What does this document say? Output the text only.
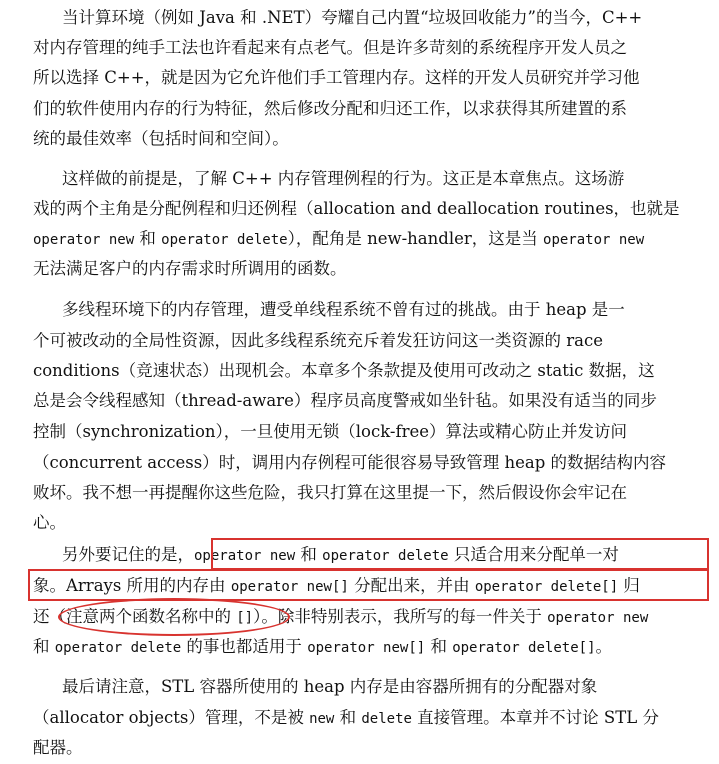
当计算环境（例如 Java 和 .NET）夸耀自己内置“垃圾回收能力”的当今，C++
对内存管理的纯手工法也许看起来有点老气。但是许多苛刻的系统程序开发人员之
所以选择 C++，就是因为它允许他们手工管理内存。这样的开发人员研究并学习他
们的软件使用内存的行为特征，然后修改分配和归还工作，以求获得其所建置的系
统的最佳效率（包括时间和空间）。
这样做的前提是，了解 C++ 内存管理例程的行为。这正是本章焦点。这场游
戏的两个主角是分配例程和归还例程（allocation and deallocation routines，也就是
operator new 和 operator delete），配角是 new-handler，这是当 operator new
无法满足客户的内存需求时所调用的函数。
多线程环境下的内存管理，遭受单线程系统不曾有过的挑战。由于 heap 是一
个可被改动的全局性资源，因此多线程系统充斥着发狂访问这一类资源的 race
conditions（竞速状态）出现机会。本章多个条款提及使用可改动之 static 数据，这
总是会令线程感知（thread-aware）程序员高度警戒如坐针毡。如果没有适当的同步
控制（synchronization），一旦使用无锁（lock-free）算法或精心防止并发访问
（concurrent access）时，调用内存例程可能很容易导致管理 heap 的数据结构内容
败坏。我不想一再提醒你这些危险，我只打算在这里提一下，然后假设你会牢记在
心。
另外要记住的是，operator new 和 operator delete 只适合用来分配单一对
象。Arrays 所用的内存由 operator new[] 分配出来，并由 operator delete[] 归
还（注意两个函数名称中的 []）。除非特别表示，我所写的每一件关于 operator new
和 operator delete 的事也都适用于 operator new[] 和 operator delete[]。
最后请注意，STL 容器所使用的 heap 内存是由容器所拥有的分配器对象
（allocator objects）管理，不是被 new 和 delete 直接管理。本章并不讨论 STL 分
配器。
